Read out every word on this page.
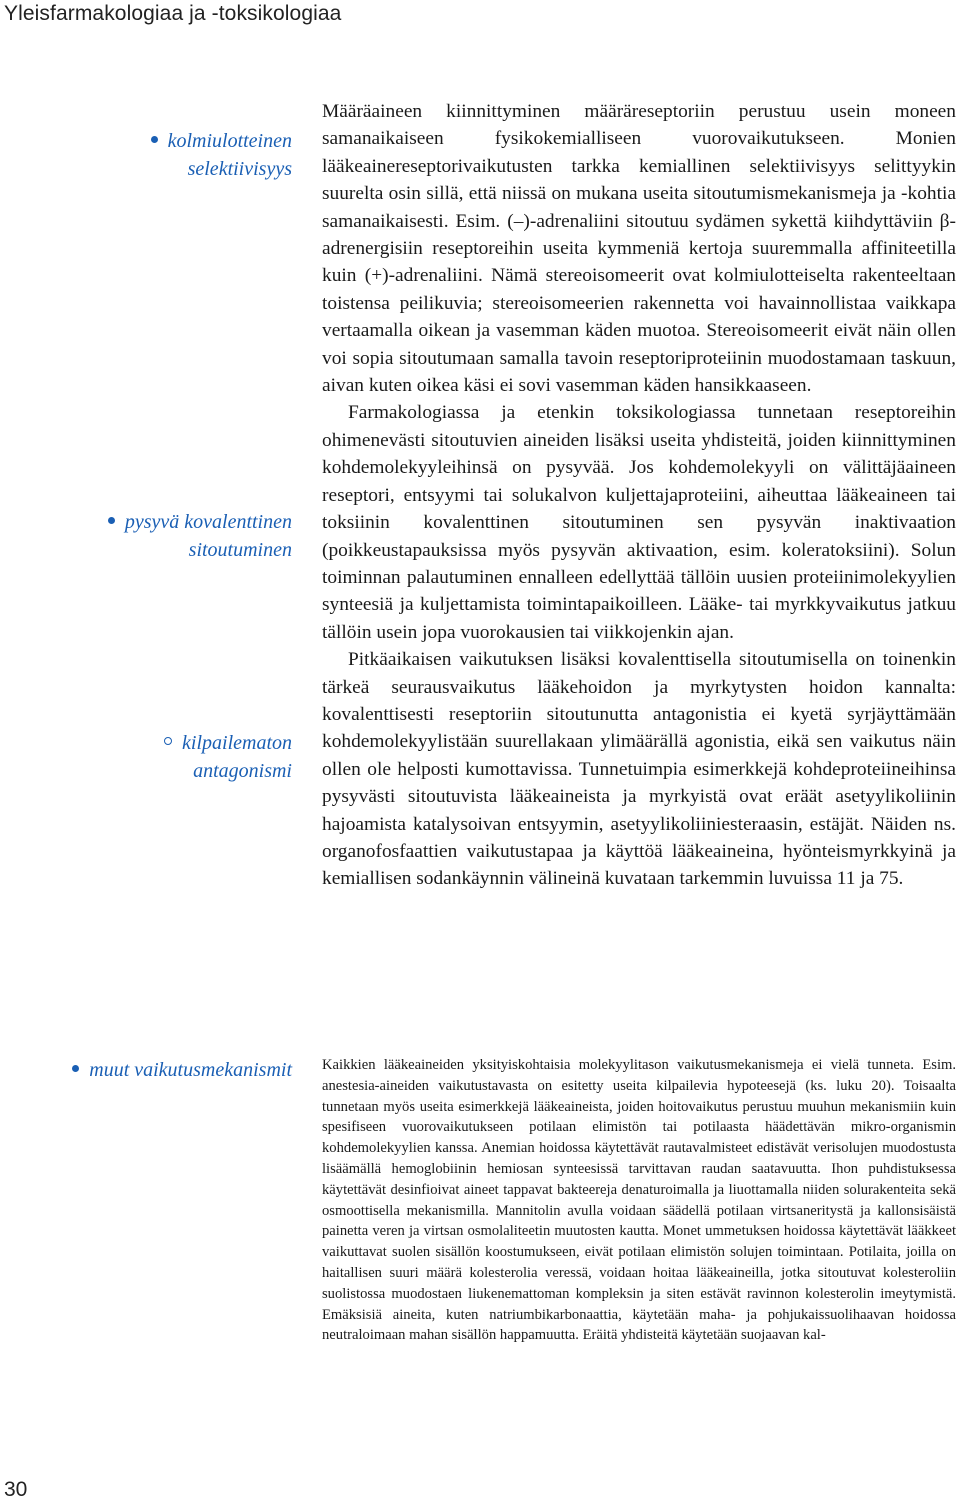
Yleisfarmakologiaa ja -toksikologiaa
kolmiulotteinen
selektiivisyys
pysyvä kovalenttinen
sitoutuminen
kilpailematon
antagonismi
muut vaikutusmekanismit

Määräaineen kiinnittyminen määräreseptoriin perustuu usein moneen samanaikaiseen fysikokemialliseen vuorovaikutukseen. Monien lääkeainereseptorivaikutusten tarkka kemiallinen selektiivisyys selittyykin suurelta osin sillä, että niissä on mukana useita sitoutumismekanismeja ja -kohtia samanaikaisesti. Esim. (–)-adrenaliini sitoutuu sydämen sykettä kiihdyttäviin β-adrenergisiin reseptoreihin useita kymmeniä kertoja suuremmalla affiniteetilla kuin (+)-adrenaliini. Nämä stereoisomeerit ovat kolmiulotteiselta rakenteeltaan toistensa peilikuvia; stereoisomeerien rakennetta voi havainnollistaa vaikkapa vertaamalla oikean ja vasemman käden muotoa. Stereoisomeerit eivät näin ollen voi sopia sitoutumaan samalla tavoin reseptoriproteiinin muodostamaan taskuun, aivan kuten oikea käsi ei sovi vasemman käden hansikkaaseen.

Farmakologiassa ja etenkin toksikologiassa tunnetaan reseptoreihin ohimenevästi sitoutuvien aineiden lisäksi useita yhdisteitä, joiden kiinnittyminen kohdemolekyyleihinsä on pysyvää. Jos kohdemolekyyli on välittäjäaineen reseptori, entsyymi tai solukalvon kuljettajaproteiini, aiheuttaa lääkeaineen tai toksiinin kovalenttinen sitoutuminen sen pysyvän inaktivaation (poikkeustapauksissa myös pysyvän aktivaation, esim. koleratoksiini). Solun toiminnan palautuminen ennalleen edellyttää tällöin uusien proteiinimolekyylien synteesiä ja kuljettamista toimintapaikoilleen. Lääke- tai myrkkyvaikutus jatkuu tällöin usein jopa vuorokausien tai viikkojenkin ajan.

Pitkäaikaisen vaikutuksen lisäksi kovalenttisella sitoutumisella on toinenkin tärkeä seurausvaikutus lääkehoidon ja myrkytysten hoidon kannalta: kovalenttisesti reseptoriin sitoutunutta antagonistia ei kyetä syrjäyttämään kohdemolekyylistään suurellakaan ylimäärällä agonistia, eikä sen vaikutus näin ollen ole helposti kumottavissa. Tunnetuimpia esimerkkejä kohdeproteiineihinsa pysyvästi sitoutuvista lääkeaineista ja myrkyistä ovat eräät asetyylikoliinin hajoamista katalysoivan entsyymin, asetyylikoliiniesteraasin, estäjät. Näiden ns. organofosfaattien vaikutustapaa ja käyttöä lääkeaineina, hyönteismyrkkyinä ja kemiallisen sodankäynnin välineinä kuvataan tarkemmin luvuissa 11 ja 75.

Kaikkien lääkeaineiden yksityiskohtaisia molekyylitason vaikutusmekanismeja ei vielä tunneta. Esim. anestesia-aineiden vaikutustavasta on esitetty useita kilpailevia hypoteesejä (ks. luku 20). Toisaalta tunnetaan myös useita esimerkkejä lääkeaineista, joiden hoitovaikutus perustuu muuhun mekanismiin kuin spesifiseen vuorovaikutukseen potilaan elimistön tai potilaasta häädettävän mikro-organismin kohdemolekyylien kanssa. Anemian hoidossa käytettävät rautavalmisteet edistävät verisolujen muodostusta lisäämällä hemoglobiinin hemiosan synteesissä tarvittavan raudan saatavuutta. Ihon puhdistuksessa käytettävät desinfioivat aineet tappavat bakteereja denaturoimalla ja liuottamalla niiden solurakenteita sekä osmoottisella mekanismilla. Mannitolin avulla voidaan säädellä potilaan virtsaneritystä ja kallonsisäistä painetta veren ja virtsan osmolaliteetin muutosten kautta. Monet ummetuksen hoidossa käytettävät lääkkeet vaikuttavat suolen sisällön koostumukseen, eivät potilaan elimistön solujen toimintaan. Potilaita, joilla on haitallisen suuri määrä kolesterolia veressä, voidaan hoitaa lääkeaineilla, jotka sitoutuvat kolesteroliin suolistossa muodostaen liukenemattoman kompleksin ja siten estävät ravinnon kolesterolin imeytymistä. Emäksisiä aineita, kuten natriumbikarbonaattia, käytetään maha- ja pohjukaissuolihaavan hoidossa neutraloimaan mahan sisällön happamuutta. Eräitä yhdisteitä käytetään suojaavan kal-

30
